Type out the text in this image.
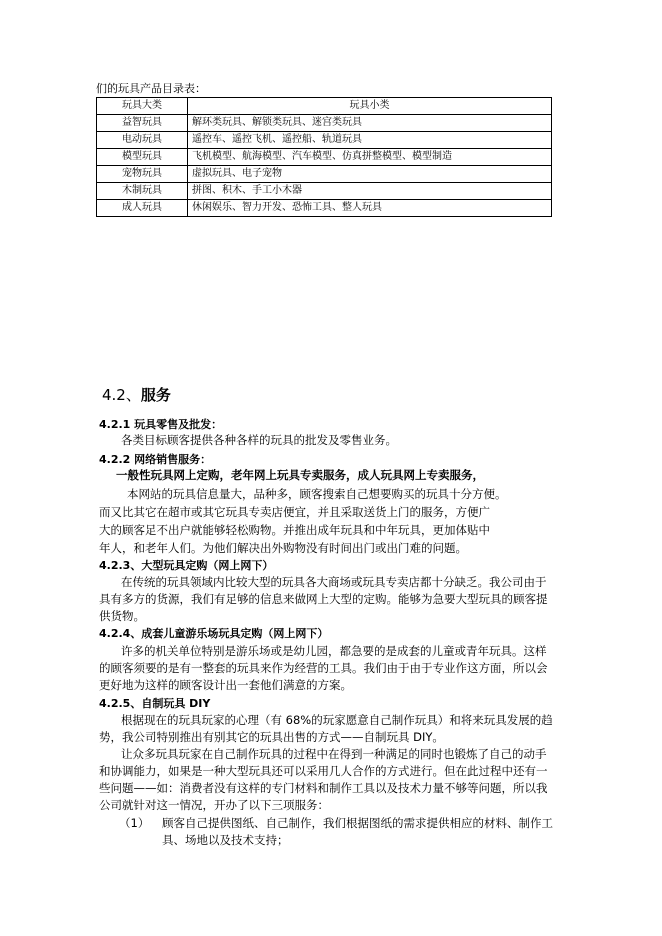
们的玩具产品目录表：
玩具大类	玩具小类
益智玩具	解环类玩具、解锁类玩具、迷宫类玩具
电动玩具	遥控车、遥控飞机、遥控船、轨道玩具
模型玩具	飞机模型、航海模型、汽车模型、仿真拼整模型、模型制造
宠物玩具	虚拟玩具、电子宠物
木制玩具	拼图、积木、手工小木器
成人玩具	休闲娱乐、智力开发、恐怖工具、整人玩具
4.2、服务
4.2.1 玩具零售及批发：
各类目标顾客提供各种各样的玩具的批发及零售业务。
4.2.2 网络销售服务：
一般性玩具网上定购，老年网上玩具专卖服务，成人玩具网上专卖服务，
本网站的玩具信息量大，品种多，顾客搜索自己想要购买的玩具十分方便。
而又比其它在超市或其它玩具专卖店便宜，并且采取送货上门的服务，方便广
大的顾客足不出户就能够轻松购物。并推出成年玩具和中年玩具，更加体贴中
年人，和老年人们。为他们解决出外购物没有时间出门或出门难的问题。
4.2.3、大型玩具定购（网上网下）
在传统的玩具领域内比较大型的玩具各大商场或玩具专卖店都十分缺乏。我公司由于
具有多方的货源，我们有足够的信息来做网上大型的定购。能够为急要大型玩具的顾客提
供货物。
4.2.4、成套儿童游乐场玩具定购（网上网下）
许多的机关单位特别是游乐场或是幼儿园，都急要的是成套的儿童或青年玩具。这样
的顾客须要的是有一整套的玩具来作为经营的工具。我们由于由于专业作这方面，所以会
更好地为这样的顾客设计出一套他们满意的方案。
4.2.5、自制玩具 DIY
根据现在的玩具玩家的心理（有 68%的玩家愿意自己制作玩具）和将来玩具发展的趋
势，我公司特别推出有别其它的玩具出售的方式——自制玩具 DIY。
让众多玩具玩家在自己制作玩具的过程中在得到一种满足的同时也锻炼了自己的动手
和协调能力，如果是一种大型玩具还可以采用几人合作的方式进行。但在此过程中还有一
些问题——如：消费者没有这样的专门材料和制作工具以及技术力量不够等问题，所以我
公司就针对这一情况，开办了以下三项服务：
（1） 顾客自己提供图纸、自己制作，我们根据图纸的需求提供相应的材料、制作工
具、场地以及技术支持；
